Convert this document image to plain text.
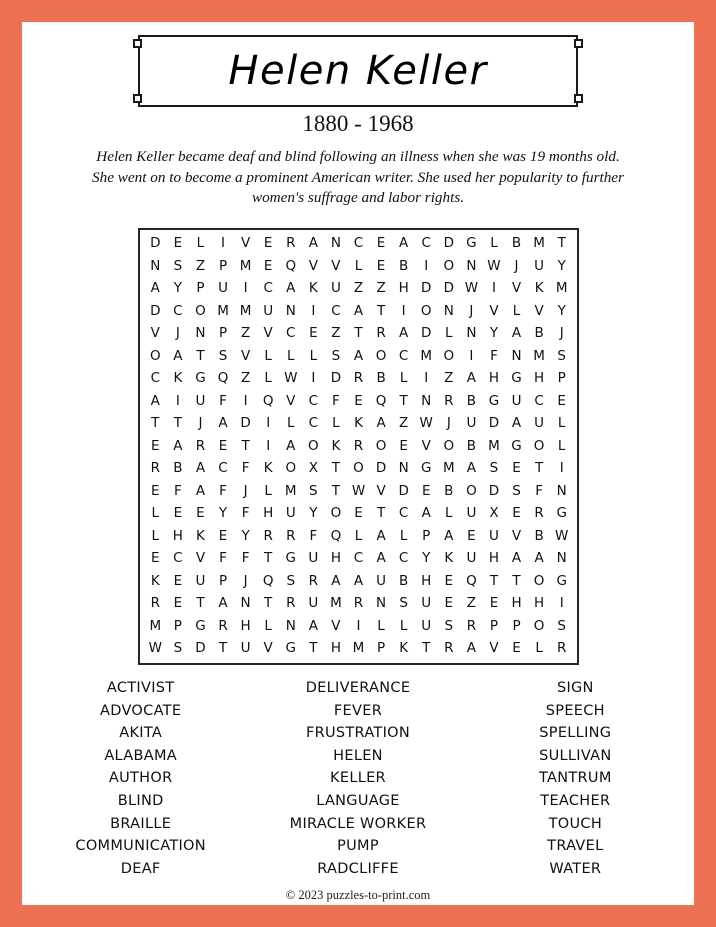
Helen Keller
1880 - 1968
Helen Keller became deaf and blind following an illness when she was 19 months old. She went on to become a prominent American writer. She used her popularity to further women's suffrage and labor rights.
D E	L	I	V	E	R A N C	E	A C D G	L	B M T
N S	Z	P M E Q V V	L	E	B	I	O N W	J	U	Y
A	Y	P	U	I	C A	K U Z Z H D D W	I	V	K M
D C O M M U N	I	C A	T	I	O N	J	V	L	V	Y
V	J	N P	Z V C	E	Z	T	R A D	L	N Y	A B	J
O A	T	S	V	L	L	L	S	A O C M O	I	F	N M S
C K G Q Z	L W	I	D R B	L	I	Z A H G H P
A	I	U	F	I	Q V C	F	E Q T N R B G U C	E
T	T	J	A D	I	L	C	L	K	A Z W	J	U D A U	L
E	A R	E	T	I	A O K R O E	V O B M G O L
R B A C	F	K O X	T O D N G M A	S	E	T	I
E	F	A	F	J	L M S	T W V D E	B O D S	F	N
L	E	E	Y	F	H U	Y O E	T	C A	L	U X	E	R G
L	H K	E	Y	R R	F Q L	A	L	P	A	E U V B W
E	C V	F	F	T G U H C A C	Y	K U H A A N
K	E U	P	J	Q S	R A A U B H E Q T	T O G
R	E	T	A N T	R U M R N S U E	Z	E H H	I
M P G R H	L	N A V	I	L	L	U S	R	P	P O S
W S D T	U V G T H M P	K	T	R A V	E	L	R
ACTIVIST
ADVOCATE
AKITA
ALABAMA
AUTHOR
BLIND
BRAILLE
COMMUNICATION
DEAF
DELIVERANCE
FEVER
FRUSTRATION
HELEN
KELLER
LANGUAGE
MIRACLE WORKER
PUMP
RADCLIFFE
SIGN
SPEECH
SPELLING
SULLIVAN
TANTRUM
TEACHER
TOUCH
TRAVEL
WATER
© 2023 puzzles-to-print.com
